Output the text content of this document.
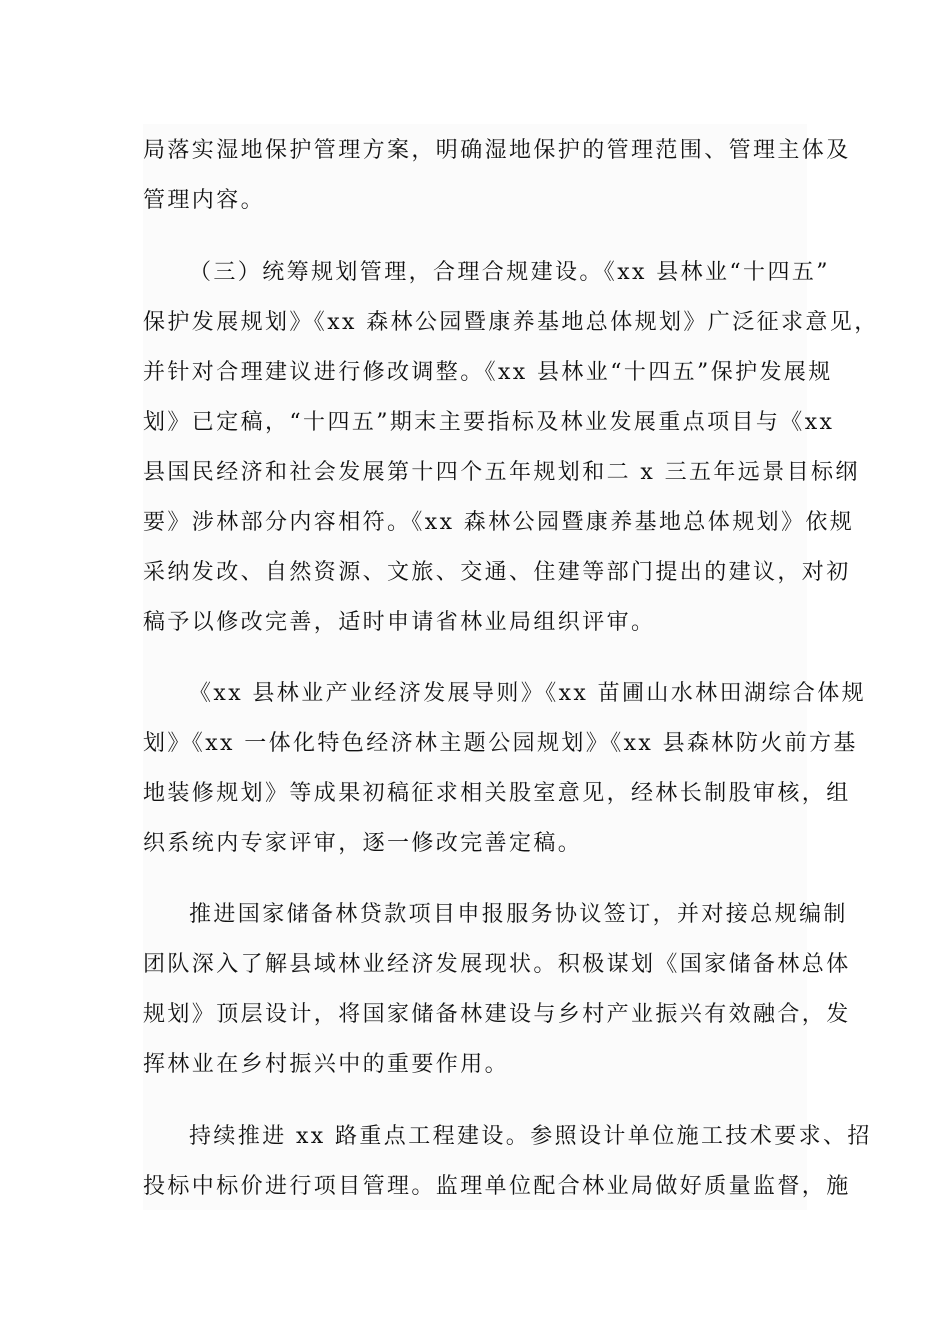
局落实湿地保护管理方案，明确湿地保护的管理范围、管理主体及
管理内容。
（三）统筹规划管理，合理合规建设。《xx 县林业“十四五”
保护发展规划》《xx 森林公园暨康养基地总体规划》广泛征求意见，
并针对合理建议进行修改调整。《xx 县林业“十四五”保护发展规
划》已定稿，“十四五”期末主要指标及林业发展重点项目与《xx
县国民经济和社会发展第十四个五年规划和二 x 三五年远景目标纲
要》涉林部分内容相符。《xx 森林公园暨康养基地总体规划》依规
采纳发改、自然资源、文旅、交通、住建等部门提出的建议，对初
稿予以修改完善，适时申请省林业局组织评审。
《xx 县林业产业经济发展导则》《xx 苗圃山水林田湖综合体规
划》《xx 一体化特色经济林主题公园规划》《xx 县森林防火前方基
地装修规划》等成果初稿征求相关股室意见，经林长制股审核，组
织系统内专家评审，逐一修改完善定稿。
推进国家储备林贷款项目申报服务协议签订，并对接总规编制
团队深入了解县域林业经济发展现状。积极谋划《国家储备林总体
规划》顶层设计，将国家储备林建设与乡村产业振兴有效融合，发
挥林业在乡村振兴中的重要作用。
持续推进 xx 路重点工程建设。参照设计单位施工技术要求、招
投标中标价进行项目管理。监理单位配合林业局做好质量监督，施
